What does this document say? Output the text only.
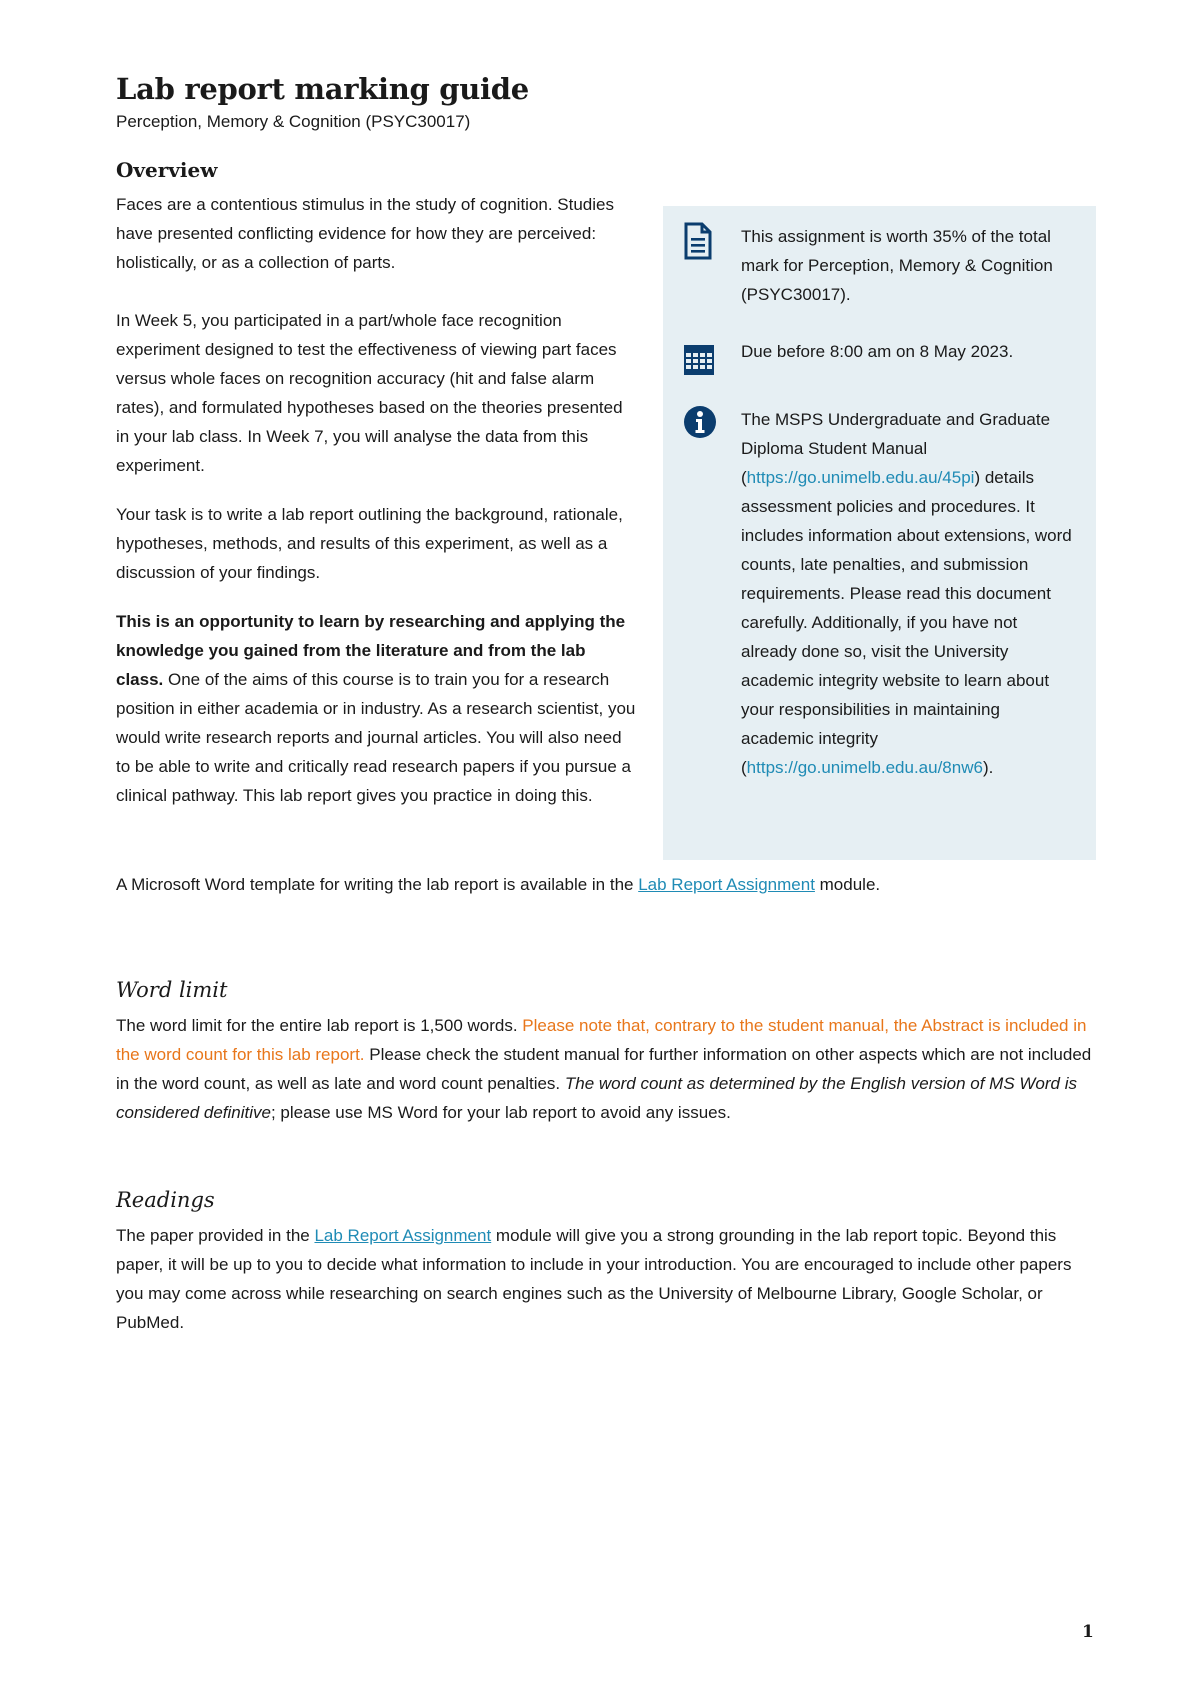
Lab report marking guide
Perception, Memory & Cognition (PSYC30017)
Overview

Faces are a contentious stimulus in the study of cognition. Studies have presented conflicting evidence for how they are perceived: holistically, or as a collection of parts.

In Week 5, you participated in a part/whole face recognition experiment designed to test the effectiveness of viewing part faces versus whole faces on recognition accuracy (hit and false alarm rates), and formulated hypotheses based on the theories presented in your lab class. In Week 7, you will analyse the data from this experiment.

Your task is to write a lab report outlining the background, rationale, hypotheses, methods, and results of this experiment, as well as a discussion of your findings.

This is an opportunity to learn by researching and applying the knowledge you gained from the literature and from the lab class. One of the aims of this course is to train you for a research position in either academia or in industry. As a research scientist, you would write research reports and journal articles. You will also need to be able to write and critically read research papers if you pursue a clinical pathway. This lab report gives you practice in doing this.

This assignment is worth 35% of the total mark for Perception, Memory & Cognition (PSYC30017).
Due before 8:00 am on 8 May 2023.
The MSPS Undergraduate and Graduate Diploma Student Manual (https://go.unimelb.edu.au/45pi) details assessment policies and procedures. It includes information about extensions, word counts, late penalties, and submission requirements. Please read this document carefully. Additionally, if you have not already done so, visit the University academic integrity website to learn about your responsibilities in maintaining academic integrity (https://go.unimelb.edu.au/8nw6).

A Microsoft Word template for writing the lab report is available in the Lab Report Assignment module.

Word limit

The word limit for the entire lab report is 1,500 words. Please note that, contrary to the student manual, the Abstract is included in the word count for this lab report. Please check the student manual for further information on other aspects which are not included in the word count, as well as late and word count penalties. The word count as determined by the English version of MS Word is considered definitive; please use MS Word for your lab report to avoid any issues.

Readings

The paper provided in the Lab Report Assignment module will give you a strong grounding in the lab report topic. Beyond this paper, it will be up to you to decide what information to include in your introduction. You are encouraged to include other papers you may come across while researching on search engines such as the University of Melbourne Library, Google Scholar, or PubMed.

1
